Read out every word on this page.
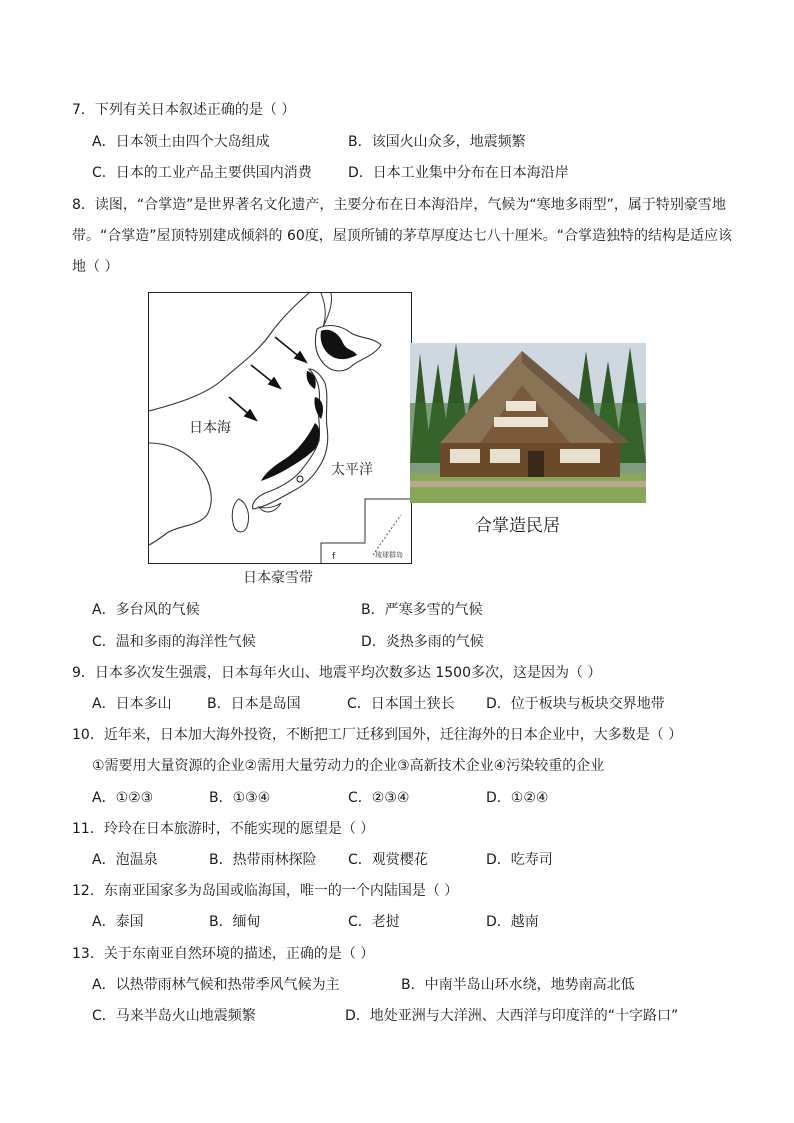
7．下列有关日本叙述正确的是（ ）
A．日本领土由四个大岛组成	B．该国火山众多，地震频繁
C．日本的工业产品主要供国内消费	D．日本工业集中分布在日本海沿岸
8．读图，“合掌造”是世界著名文化遗产，主要分布在日本海沿岸，气候为“寒地多雨型”，属于特别豪雪地
带。“合掌造”屋顶特别建成倾斜的 60度，屋顶所铺的茅草厚度达七八十厘米。“合掌造独特的结构是适应该
地（ ）
f
日本海
太平洋
琉球群岛
日本豪雪带
合掌造民居
A．多台风的气候	B．严寒多雪的气候
C．温和多雨的海洋性气候	D．炎热多雨的气候
9．日本多次发生强震，日本每年火山、地震平均次数多达 1500多次，这是因为（ ）
A．日本多山	B．日本是岛国	C．日本国土狭长 D．位于板块与板块交界地带
10．近年来，日本加大海外投资，不断把工厂迁移到国外，迁往海外的日本企业中，大多数是（ ）
①需要用大量资源的企业②需用大量劳动力的企业③高新技术企业④污染较重的企业
A．①②③	B．①③④	C．②③④	D．①②④
11．玲玲在日本旅游时，不能实现的愿望是（ ）
A．泡温泉	B．热带雨林探险 C．观赏樱花	D．吃寿司
12．东南亚国家多为岛国或临海国，唯一的一个内陆国是（ ）
A．泰国	B．缅甸	C．老挝	D．越南
13．关于东南亚自然环境的描述，正确的是（ ）
A．以热带雨林气候和热带季风气候为主	B．中南半岛山环水绕，地势南高北低
C．马来半岛火山地震频繁	D．地处亚洲与大洋洲、大西洋与印度洋的“十字路口”
